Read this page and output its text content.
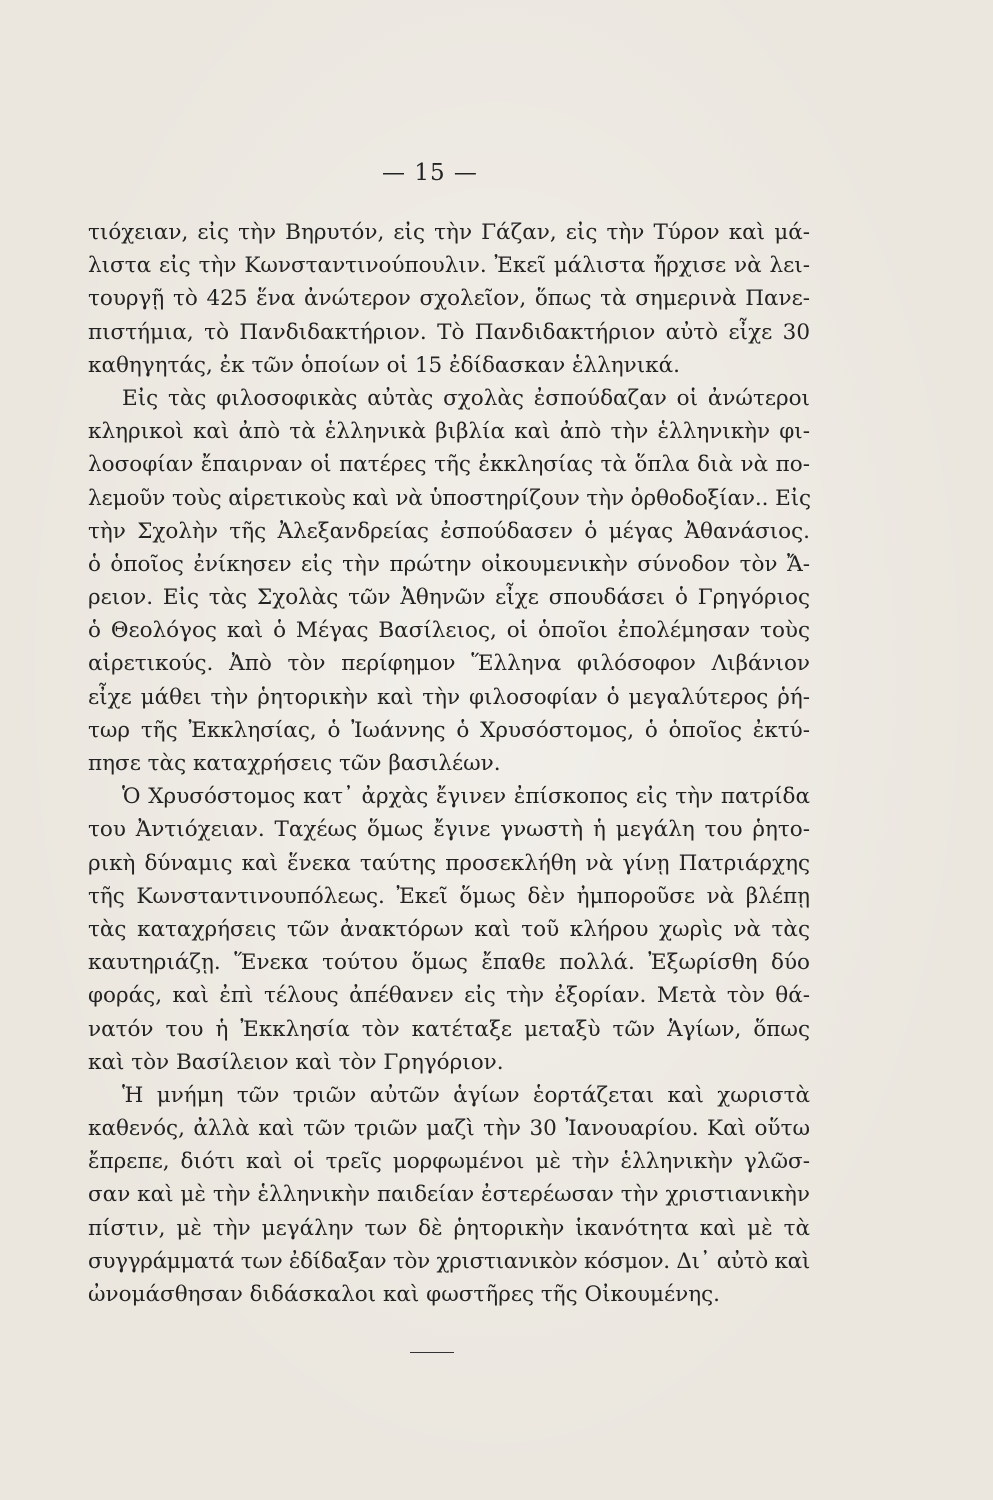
— 15 —
τιόχειαν, εἰς τὴν Βηρυτόν, εἰς τὴν Γάζαν, εἰς τὴν Τύρον καὶ μά-
λιστα εἰς τὴν Κωνσταντινούπουλιν. Ἐκεῖ μάλιστα ἤρχισε νὰ λει-
τουργῇ τὸ 425 ἕνα ἀνώτερον σχολεῖον, ὅπως τὰ σημερινὰ Πανε-
πιστήμια, τὸ Πανδιδακτήριον. Τὸ Πανδιδακτήριον αὐτὸ εἶχε 30
καθηγητάς, ἐκ τῶν ὁποίων οἱ 15 ἐδίδασκαν ἑλληνικά.
Εἰς τὰς φιλοσοφικὰς αὐτὰς σχολὰς ἐσπούδαζαν οἱ ἀνώτεροι
κληρικοὶ καὶ ἀπὸ τὰ ἑλληνικὰ βιβλία καὶ ἀπὸ τὴν ἑλληνικὴν φι-
λοσοφίαν ἔπαιρναν οἱ πατέρες τῆς ἐκκλησίας τὰ ὅπλα διὰ νὰ πο-
λεμοῦν τοὺς αἱρετικοὺς καὶ νὰ ὑποστηρίζουν τὴν ὀρθοδοξίαν.. Εἰς
τὴν Σχολὴν τῆς Ἀλεξανδρείας ἐσπούδασεν ὁ μέγας Ἀθανάσιος.
ὁ ὁποῖος ἐνίκησεν εἰς τὴν πρώτην οἰκουμενικὴν σύνοδον τὸν Ἄ-
ρειον. Εἰς τὰς Σχολὰς τῶν Ἀθηνῶν εἶχε σπουδάσει ὁ Γρηγόριος
ὁ Θεολόγος καὶ ὁ Μέγας Βασίλειος, οἱ ὁποῖοι ἐπολέμησαν τοὺς
αἱρετικούς. Ἀπὸ τὸν περίφημον Ἕλληνα φιλόσοφον Λιβάνιον
εἶχε μάθει τὴν ῥητορικὴν καὶ τὴν φιλοσοφίαν ὁ μεγαλύτερος ῥή-
τωρ τῆς Ἐκκλησίας, ὁ Ἰωάννης ὁ Χρυσόστομος, ὁ ὁποῖος ἐκτύ-
πησε τὰς καταχρήσεις τῶν βασιλέων.
Ὁ Χρυσόστομος κατ᾽ ἀρχὰς ἔγινεν ἐπίσκοπος εἰς τὴν πατρίδα
του Ἀντιόχειαν. Ταχέως ὅμως ἔγινε γνωστὴ ἡ μεγάλη του ῥητο-
ρικὴ δύναμις καὶ ἕνεκα ταύτης προσεκλήθη νὰ γίνῃ Πατριάρχης
τῆς Κωνσταντινουπόλεως. Ἐκεῖ ὅμως δὲν ἠμποροῦσε νὰ βλέπῃ
τὰς καταχρήσεις τῶν ἀνακτόρων καὶ τοῦ κλήρου χωρὶς νὰ τὰς
καυτηριάζῃ. Ἕνεκα τούτου ὅμως ἔπαθε πολλά. Ἐξωρίσθη δύο
φοράς, καὶ ἐπὶ τέλους ἀπέθανεν εἰς τὴν ἐξορίαν. Μετὰ τὸν θά-
νατόν του ἡ Ἐκκλησία τὸν κατέταξε μεταξὺ τῶν Ἁγίων, ὅπως
καὶ τὸν Βασίλειον καὶ τὸν Γρηγόριον.
Ἡ μνήμη τῶν τριῶν αὐτῶν ἁγίων ἑορτάζεται καὶ χωριστὰ
καθενός, ἀλλὰ καὶ τῶν τριῶν μαζὶ τὴν 30 Ἰανουαρίου. Καὶ οὕτω
ἔπρεπε, διότι καὶ οἱ τρεῖς μορφωμένοι μὲ τὴν ἑλληνικὴν γλῶσ-
σαν καὶ μὲ τὴν ἑλληνικὴν παιδείαν ἐστερέωσαν τὴν χριστιανικὴν
πίστιν, μὲ τὴν μεγάλην των δὲ ῥητορικὴν ἱκανότητα καὶ μὲ τὰ
συγγράμματά των ἐδίδαξαν τὸν χριστιανικὸν κόσμον. Δι᾽ αὐτὸ καὶ
ὠνομάσθησαν διδάσκαλοι καὶ φωστῆρες τῆς Οἰκουμένης.
